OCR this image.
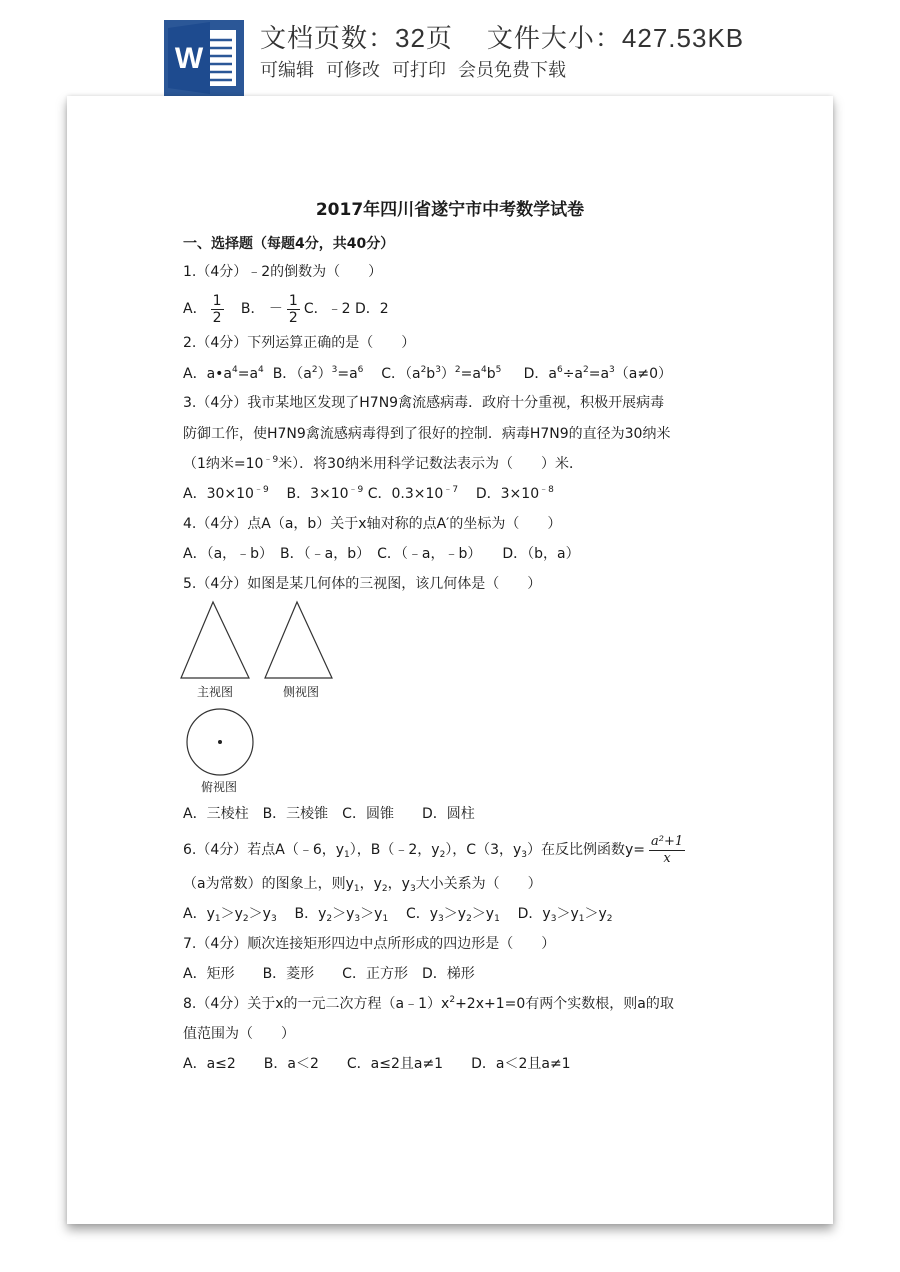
W
文档页数：32页 文件大小：427.53KB
可编辑 可修改 可打印 会员免费下载
2017年四川省遂宁市中考数学试卷
一、选择题（每题4分，共40分）
1.（4分）﹣2的倒数为（　　）
A． $\frac{1}{2}$ B． － $\frac{1}{2}$ C．﹣2 D．2
2.（4分）下列运算正确的是（　　）
A．$a•a^4=a^4$ B．$(a^2)^3=a^6$ C．$(a^2b^3)^2=a^4b^5$ D．$a^6\div a^2=a^3(a\ne 0)$
3.（4分）我市某地区发现了H7N9禽流感病毒．政府十分重视，积极开展病毒
防御工作，使H7N9禽流感病毒得到了很好的控制．病毒H7N9的直径为30纳米
（1纳米$=10^{﹣9}$米）．将30纳米用科学记数法表示为（　　）米．
A．$30\times 10^{﹣9}$ B．$3\times 10^{﹣9}$ C．$0.3\times 10^{﹣7}$ D．$3\times 10^{﹣8}$
4.（4分）点A（a，b）关于x轴对称的点A′的坐标为（　　）
A．（a，﹣b）　B．（﹣a，b）　C．（﹣a，﹣b）　　D．（b，a）
5.（4分）如图是某几何体的三视图，该几何体是（　　）
主视图	侧视图
俯视图
A．三棱柱　B．三棱锥　C．圆锥　　D．圆柱
6.（4分）若点A（﹣6，$y_1$），B（﹣2，$y_2$），C（3，$y_3$）在反比例函数$y= \frac{\text{a²+1}}{x}$
（a为常数）的图象上，则$y_1$，$y_2$，$y_3$大小关系为（　　）
A．$y_1>y_2>y_3$ B．$y_2>y_3>y_1$ C．$y_3>y_2>y_1$ D．$y_3>y_1>y_2$
7.（4分）顺次连接矩形四边中点所形成的四边形是（　　）
A．矩形　　B．菱形　　C．正方形　D．梯形
8.（4分）关于x的一元二次方程$(a﹣1)x^2+2x+1=0$有两个实数根，则a的取
值范围为（　　）
A．a≤2　　B．a＜2　　C．a≤2且a≠1　　D．a＜2且a≠1
